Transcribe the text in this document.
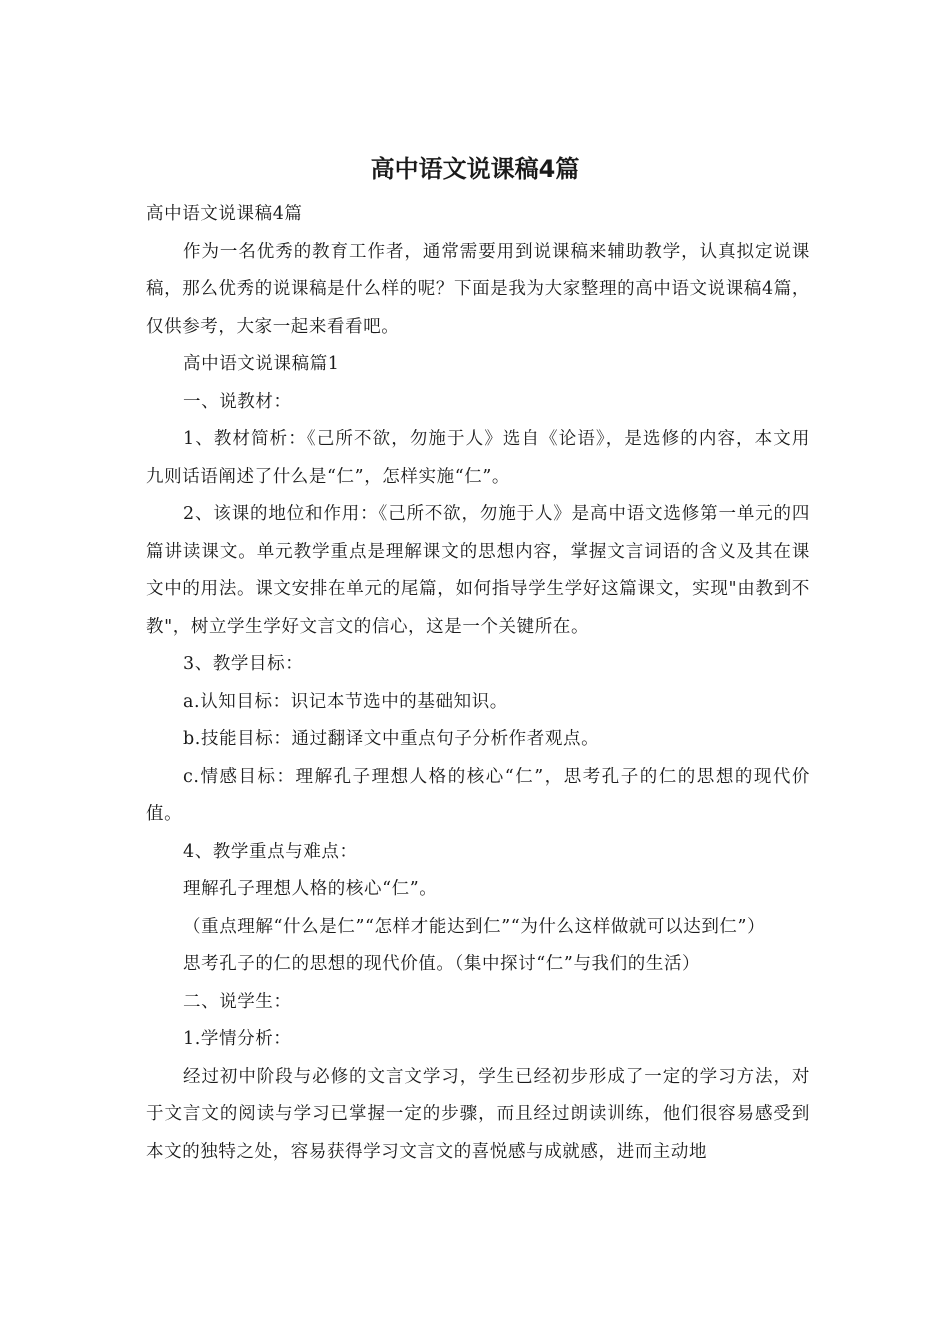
高中语文说课稿4篇

高中语文说课稿4篇

作为一名优秀的教育工作者，通常需要用到说课稿来辅助教学，认真拟定说课稿，那么优秀的说课稿是什么样的呢？下面是我为大家整理的高中语文说课稿4篇，仅供参考，大家一起来看看吧。

高中语文说课稿篇1

一、说教材：

1、教材简析：《己所不欲，勿施于人》选自《论语》，是选修的内容，本文用九则话语阐述了什么是“仁”，怎样实施“仁”。

2、该课的地位和作用：《己所不欲，勿施于人》是高中语文选修第一单元的四篇讲读课文。单元教学重点是理解课文的思想内容，掌握文言词语的含义及其在课文中的用法。课文安排在单元的尾篇，如何指导学生学好这篇课文，实现"由教到不教"，树立学生学好文言文的信心，这是一个关键所在。

3、教学目标：

a.认知目标：识记本节选中的基础知识。

b.技能目标：通过翻译文中重点句子分析作者观点。

c.情感目标：理解孔子理想人格的核心“仁”，思考孔子的仁的思想的现代价值。

4、教学重点与难点：

理解孔子理想人格的核心“仁”。

（重点理解“什么是仁”“怎样才能达到仁”“为什么这样做就可以达到仁”）

思考孔子的仁的思想的现代价值。（集中探讨“仁”与我们的生活）

二、说学生：

1.学情分析：

经过初中阶段与必修的文言文学习，学生已经初步形成了一定的学习方法，对于文言文的阅读与学习已掌握一定的步骤，而且经过朗读训练，他们很容易感受到本文的独特之处，容易获得学习文言文的喜悦感与成就感，进而主动地
